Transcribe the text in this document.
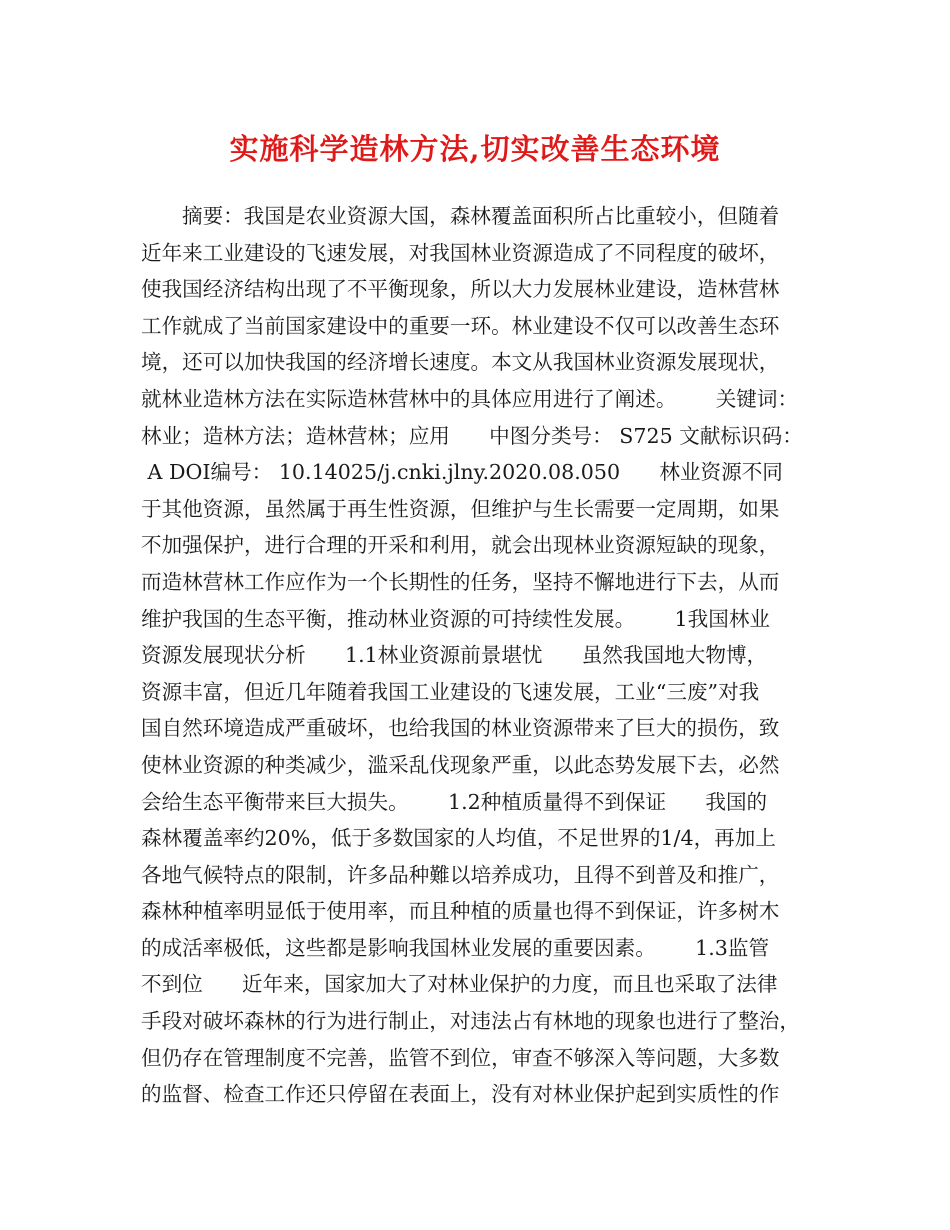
实施科学造林方法,切实改善生态环境
摘要：我国是农业资源大国，森林覆盖面积所占比重较小，但随着
近年来工业建设的飞速发展，对我国林业资源造成了不同程度的破坏，
使我国经济结构出现了不平衡现象，所以大力发展林业建设，造林营林
工作就成了当前国家建设中的重要一环。林业建设不仅可以改善生态环
境，还可以加快我国的经济增长速度。本文从我国林业资源发展现状，
就林业造林方法在实际造林营林中的具体应用进行了阐述。      关键词：
林业；造林方法；造林营林；应用      中图分类号： S725 文献标识码：
A DOI编号： 10.14025/j.cnki.jlny.2020.08.050      林业资源不同
于其他资源，虽然属于再生性资源，但维护与生长需要一定周期，如果
不加强保护，进行合理的开采和利用，就会出现林业资源短缺的现象，
而造林营林工作应作为一个长期性的任务，坚持不懈地进行下去，从而
维护我国的生态平衡，推动林业资源的可持续性发展。      1我国林业
资源发展现状分析      1.1林业资源前景堪忧      虽然我国地大物博，
资源丰富，但近几年随着我国工业建设的飞速发展，工业“三废”对我
国自然环境造成严重破坏，也给我国的林业资源带来了巨大的损伤，致
使林业资源的种类减少，滥采乱伐现象严重，以此态势发展下去，必然
会给生态平衡带来巨大损失。      1.2种植质量得不到保证      我国的
森林覆盖率约20%，低于多数国家的人均值，不足世界的1/4，再加上
各地气候特点的限制，许多品种難以培养成功，且得不到普及和推广，
森林种植率明显低于使用率，而且种植的质量也得不到保证，许多树木
的成活率极低，这些都是影响我国林业发展的重要因素。      1.3监管
不到位      近年来，国家加大了对林业保护的力度，而且也采取了法律
手段对破坏森林的行为进行制止，对违法占有林地的现象也进行了整治，
但仍存在管理制度不完善，监管不到位，审查不够深入等问题，大多数
的监督、检查工作还只停留在表面上，没有对林业保护起到实质性的作
